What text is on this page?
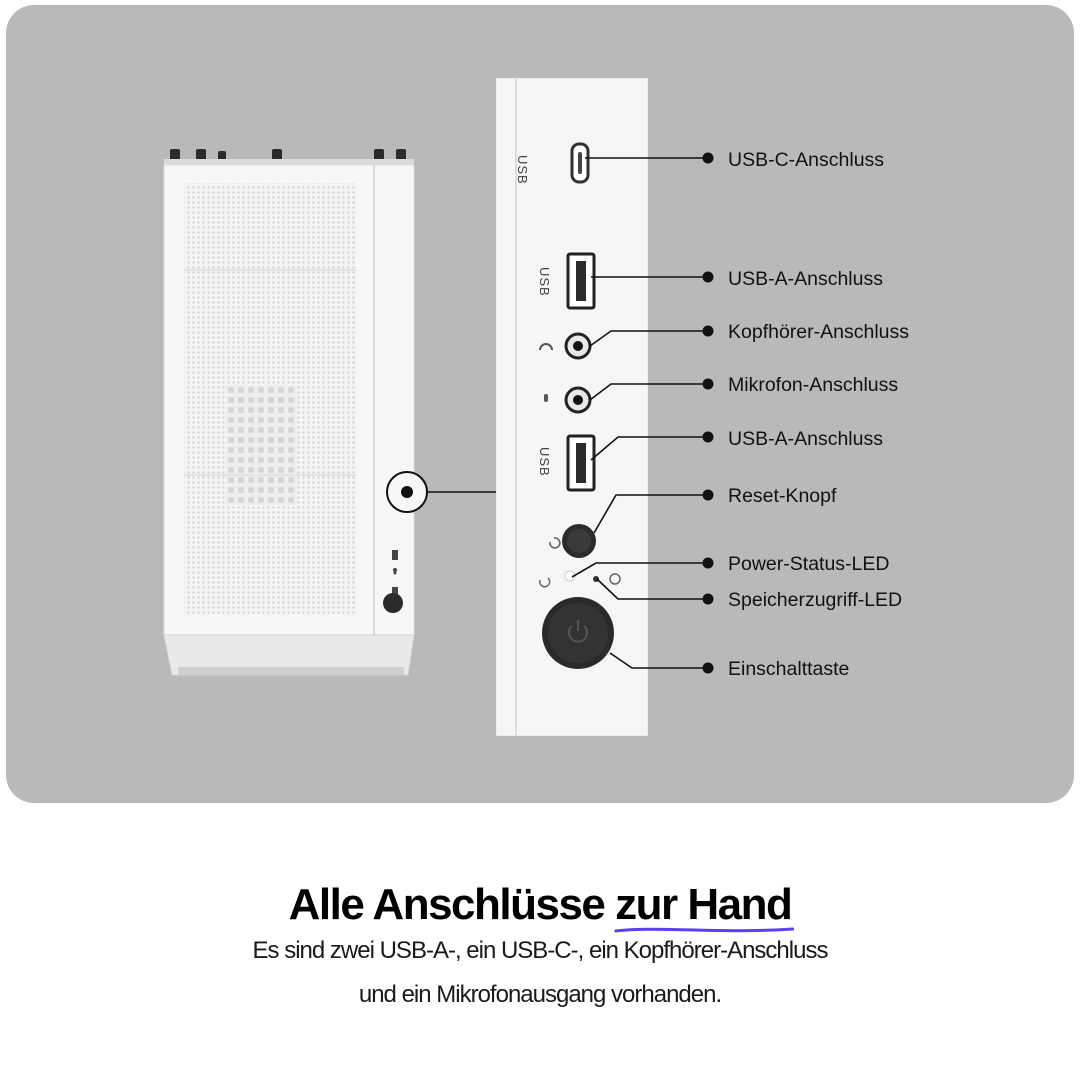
USB
USB
USB
USB-C-Anschluss
USB-A-Anschluss
Kopfhörer-Anschluss
Mikrofon-Anschluss
USB-A-Anschluss
Reset-Knopf
Power-Status-LED
Speicherzugriff-LED
Einschalttaste
Alle Anschlüsse zur Hand
Es sind zwei USB-A-, ein USB-C-, ein Kopfhörer-Anschluss
und ein Mikrofonausgang vorhanden.
